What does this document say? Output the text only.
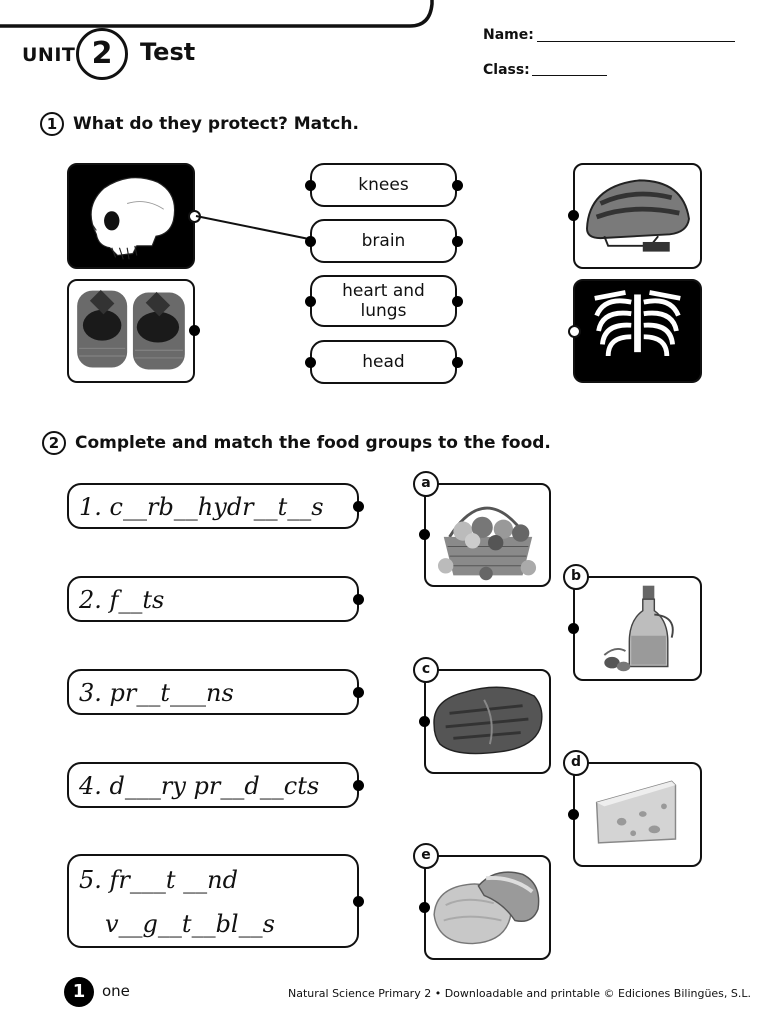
UNIT 2	Test
Name:
Class:
1 What do they protect? Match.
knees
brain
heart and
lungs
head
2 Complete and match the food groups to the food.
1. c__rb__hydr__t__s
2. f__ts
3. pr__t___ns
4. d___ry pr__d__cts
5. fr___t __nd
v__g__t__bl__s
a
b
c
d
e
1	one	Natural Science Primary 2 • Downloadable and printable © Ediciones Bilingües, S.L.
